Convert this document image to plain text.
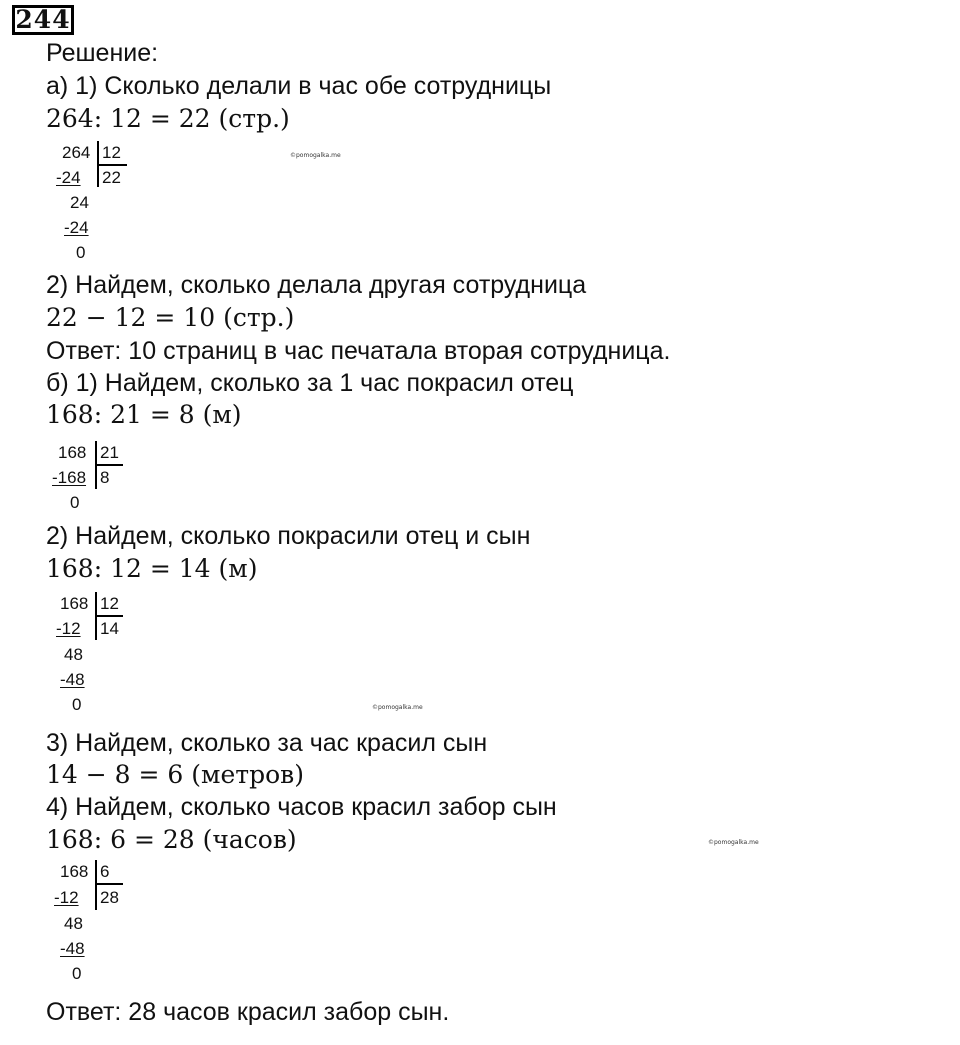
244
Решение:
а) 1) Сколько делали в час обе сотрудницы
264: 12 = 22 (стр.)
264 12
22
-24
24
-24
0
©pomogalka.me
2) Найдем, сколько делала другая сотрудница
22 − 12 = 10 (стр.)
Ответ: 10 страниц в час печатала вторая сотрудница.
б) 1) Найдем, сколько за 1 час покрасил отец
168: 21 = 8 (м)
168 21
8
-168
0
2) Найдем, сколько покрасили отец и сын
168: 12 = 14 (м)
168 12
14
-12
48
-48
0	©pomogalka.me
3) Найдем, сколько за час красил сын
14 − 8 = 6 (метров)
4) Найдем, сколько часов красил забор сын
168: 6 = 28 (часов)	©pomogalka.me
168 6
28
-12
48
-48
0
Ответ: 28 часов красил забор сын.
